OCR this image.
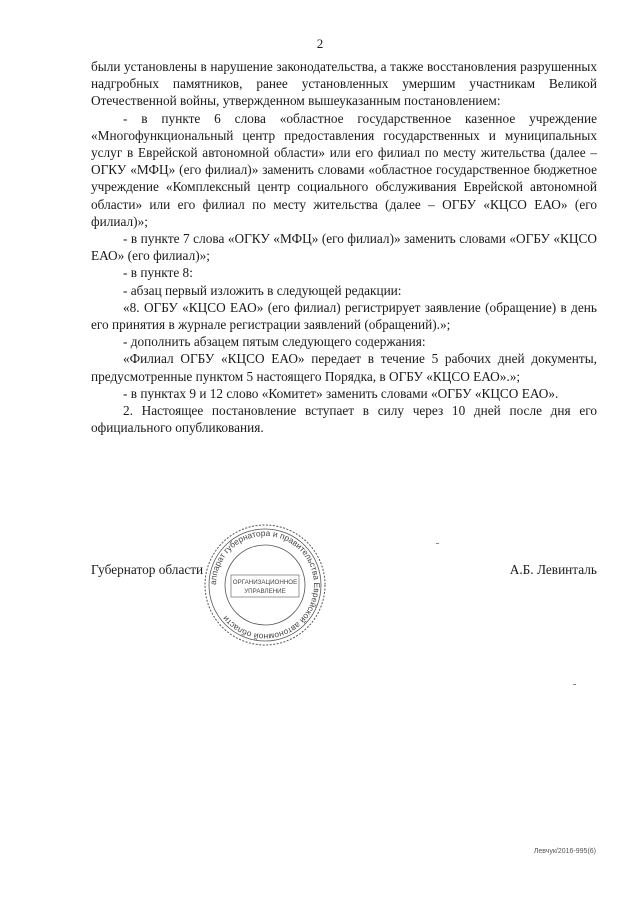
2

были установлены в нарушение законодательства, а также восстановления разрушенных надгробных памятников, ранее установленных умершим участникам Великой Отечественной войны, утвержденном вышеуказанным постановлением:

- в пункте 6 слова «областное государственное казенное учреждение «Многофункциональный центр предоставления государственных и муниципальных услуг в Еврейской автономной области» или его филиал по месту жительства (далее – ОГКУ «МФЦ» (его филиал)» заменить словами «областное государственное бюджетное учреждение «Комплексный центр социального обслуживания Еврейской автономной области» или его филиал по месту жительства (далее – ОГБУ «КЦСО ЕАО» (его филиал)»;

- в пункте 7 слова «ОГКУ «МФЦ» (его филиал)» заменить словами «ОГБУ «КЦСО ЕАО» (его филиал)»;

- в пункте 8:

- абзац первый изложить в следующей редакции:

«8. ОГБУ «КЦСО ЕАО» (его филиал) регистрирует заявление (обращение) в день его принятия в журнале регистрации заявлений (обращений).»;

- дополнить абзацем пятым следующего содержания:

«Филиал ОГБУ «КЦСО ЕАО» передает в течение 5 рабочих дней документы, предусмотренные пунктом 5 настоящего Порядка, в ОГБУ «КЦСО ЕАО».»;

- в пунктах 9 и 12 слово «Комитет» заменить словами «ОГБУ «КЦСО ЕАО».

2. Настоящее постановление вступает в силу через 10 дней после дня его официального опубликования.

аппарат губернатора и правительства Еврейской автономной области
ОРГАНИЗАЦИОННОЕ
УПРАВЛЕНИЕ
Губернатор области	А.Б. Левинталь
Левчук/2016-995(6)
